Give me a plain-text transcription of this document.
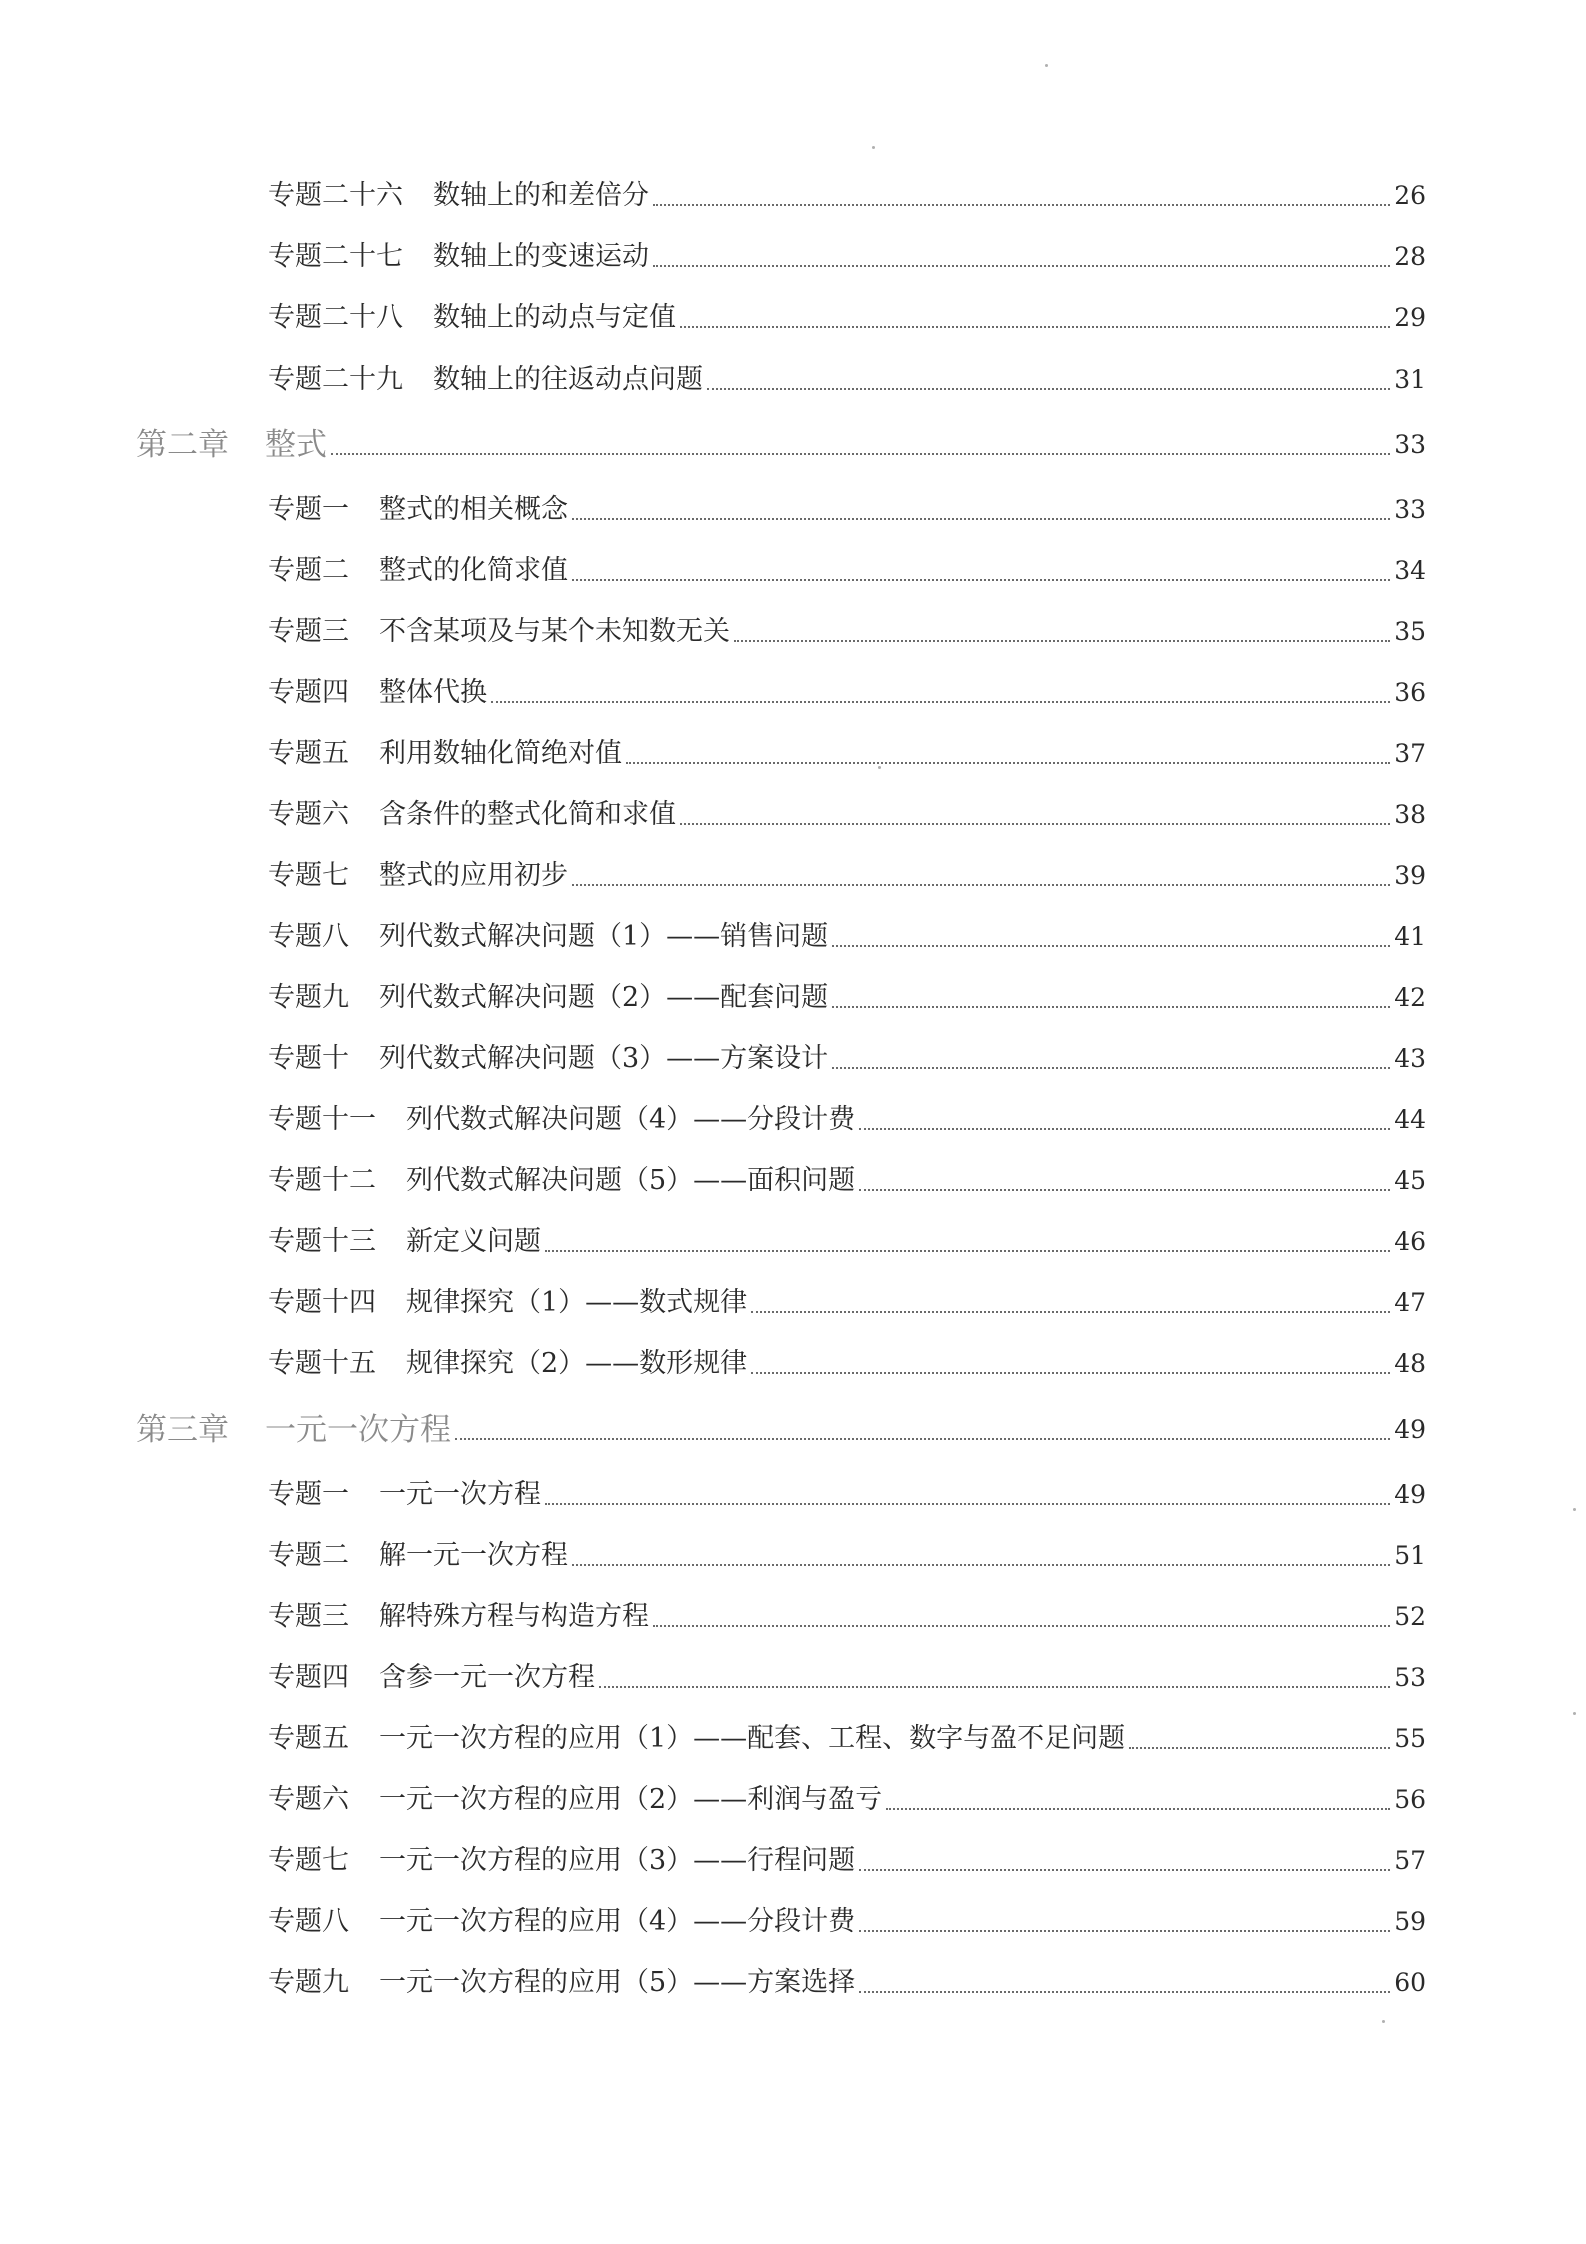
专题二十六 数轴上的和差倍分	26
专题二十七 数轴上的变速运动	28
专题二十八 数轴上的动点与定值	29
专题二十九 数轴上的往返动点问题	31
第二章 整式	33
专题一 整式的相关概念	33
专题二 整式的化简求值	34
专题三 不含某项及与某个未知数无关	35
专题四 整体代换	36
专题五 利用数轴化简绝对值	37
专题六 含条件的整式化简和求值	38
专题七 整式的应用初步	39
专题八 列代数式解决问题（1）——销售问题	41
专题九 列代数式解决问题（2）——配套问题	42
专题十 列代数式解决问题（3）——方案设计	43
专题十一 列代数式解决问题（4）——分段计费	44
专题十二 列代数式解决问题（5）——面积问题	45
专题十三 新定义问题	46
专题十四 规律探究（1）——数式规律	47
专题十五 规律探究（2）——数形规律	48
第三章 一元一次方程	49
专题一 一元一次方程	49
专题二 解一元一次方程	51
专题三 解特殊方程与构造方程	52
专题四 含参一元一次方程	53
专题五 一元一次方程的应用（1）——配套、工程、数字与盈不足问题	55
专题六 一元一次方程的应用（2）——利润与盈亏	56
专题七 一元一次方程的应用（3）——行程问题	57
专题八 一元一次方程的应用（4）——分段计费	59
专题九 一元一次方程的应用（5）——方案选择	60
